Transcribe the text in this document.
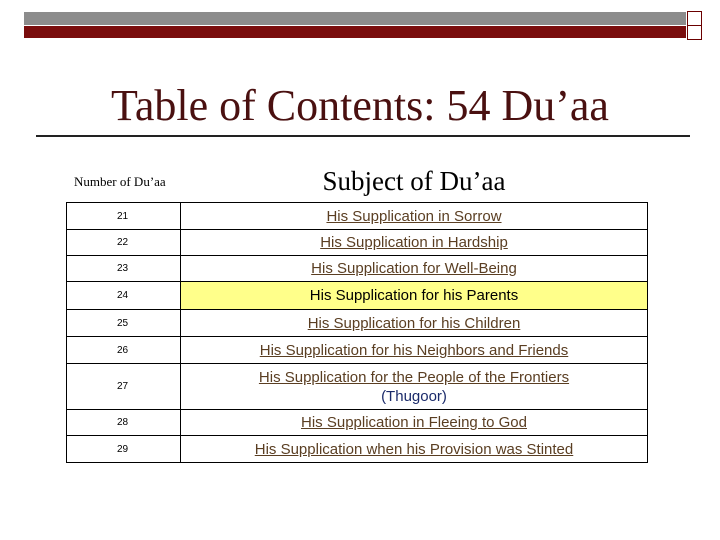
Table of Contents: 54 Du’aa
Number of Du’aa	Subject of Du’aa
21	His Supplication in Sorrow
22	His Supplication in Hardship
23	His Supplication for Well-Being
24	His Supplication for his Parents
25	His Supplication for his Children
26	His Supplication for his Neighbors and Friends
27	His Supplication for the People of the Frontiers (Thugoor)
28	His Supplication in Fleeing to God
29	His Supplication when his Provision was Stinted
